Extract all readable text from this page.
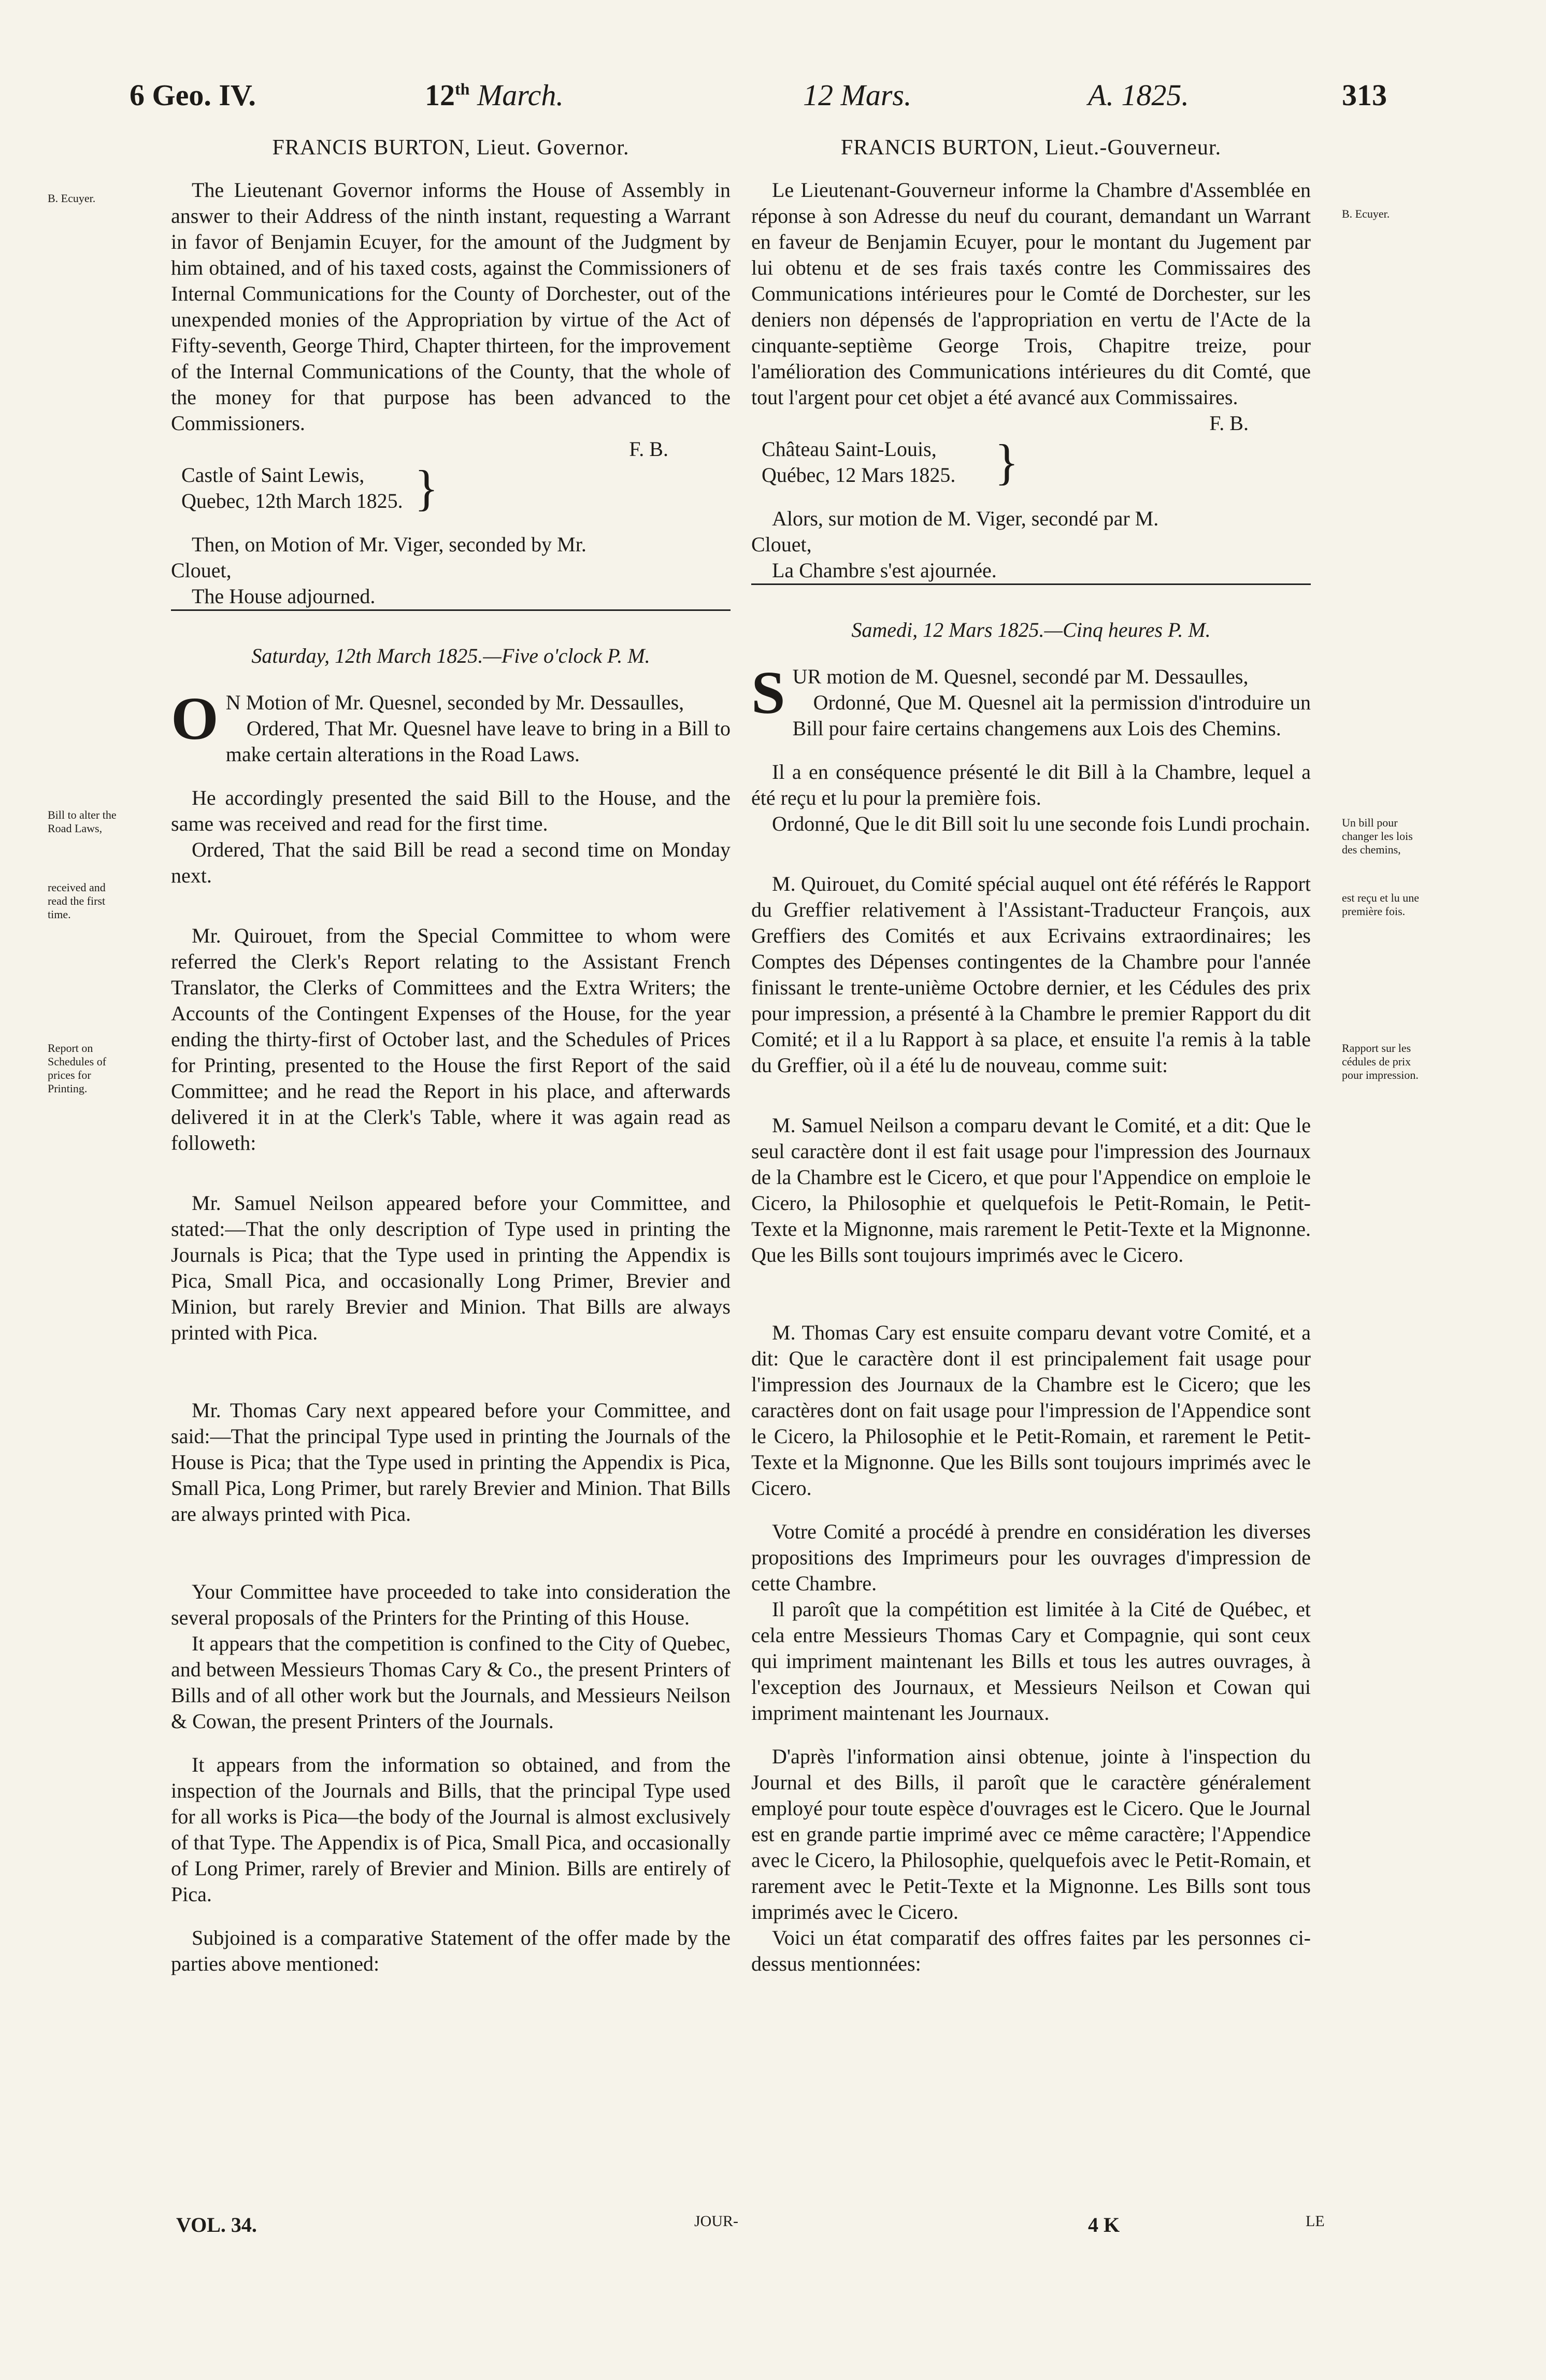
6 Geo. IV.	12th March.	12 Mars.	A. 1825.	313
FRANCIS BURTON, Lieut. Governor.

The Lieutenant Governor informs the House of Assembly in answer to their Address of the ninth instant, requesting a Warrant in favor of Benjamin Ecuyer, for the amount of the Judgment by him obtained, and of his taxed costs, against the Commissioners of Internal Communications for the County of Dorchester, out of the unexpended monies of the Appropriation by virtue of the Act of Fifty-seventh, George Third, Chapter thirteen, for the improvement of the Internal Communications of the County, that the whole of the money for that purpose has been advanced to the Commissioners.

F. B.
Castle of Saint Lewis,
Quebec, 12th March 1825. }

Then, on Motion of Mr. Viger, seconded by Mr.

Clouet,
The House adjourned.
Saturday, 12th March 1825.—Five o'clock P. M.

O N Motion of Mr. Quesnel, seconded by Mr. Dessaulles,

Ordered, That Mr. Quesnel have leave to bring in a Bill to make certain alterations in the Road Laws.

He accordingly presented the said Bill to the House, and the same was received and read for the first time.

Ordered, That the said Bill be read a second time on Monday next.

Mr. Quirouet, from the Special Committee to whom were referred the Clerk's Report relating to the Assistant French Translator, the Clerks of Committees and the Extra Writers; the Accounts of the Contingent Expenses of the House, for the year ending the thirty-first of October last, and the Schedules of Prices for Printing, presented to the House the first Report of the said Committee; and he read the Report in his place, and afterwards delivered it in at the Clerk's Table, where it was again read as followeth:

Mr. Samuel Neilson appeared before your Committee, and stated:—That the only description of Type used in printing the Journals is Pica; that the Type used in printing the Appendix is Pica, Small Pica, and occasionally Long Primer, Brevier and Minion, but rarely Brevier and Minion. That Bills are always printed with Pica.

Mr. Thomas Cary next appeared before your Committee, and said:—That the principal Type used in printing the Journals of the House is Pica; that the Type used in printing the Appendix is Pica, Small Pica, Long Primer, but rarely Brevier and Minion. That Bills are always printed with Pica.

Your Committee have proceeded to take into consideration the several proposals of the Printers for the Printing of this House.

It appears that the competition is confined to the City of Quebec, and between Messieurs Thomas Cary & Co., the present Printers of Bills and of all other work but the Journals, and Messieurs Neilson & Cowan, the present Printers of the Journals.

It appears from the information so obtained, and from the inspection of the Journals and Bills, that the principal Type used for all works is Pica—the body of the Journal is almost exclusively of that Type. The Appendix is of Pica, Small Pica, and occasionally of Long Primer, rarely of Brevier and Minion. Bills are entirely of Pica.

Subjoined is a comparative Statement of the offer made by the parties above mentioned:

FRANCIS BURTON, Lieut.-Gouverneur.

Le Lieutenant-Gouverneur informe la Chambre d'Assemblée en réponse à son Adresse du neuf du courant, demandant un Warrant en faveur de Benjamin Ecuyer, pour le montant du Jugement par lui obtenu et de ses frais taxés contre les Commissaires des Communications intérieures pour le Comté de Dorchester, sur les deniers non dépensés de l'appropriation en vertu de l'Acte de la cinquante-septième George Trois, Chapitre treize, pour l'amélioration des Communications intérieures du dit Comté, que tout l'argent pour cet objet a été avancé aux Commissaires.

F. B.
Château Saint-Louis,
Québec, 12 Mars 1825. }

Alors, sur motion de M. Viger, secondé par M.

Clouet,
La Chambre s'est ajournée.
Samedi, 12 Mars 1825.—Cinq heures P. M.

SUR motion de M. Quesnel, secondé par M. Dessaulles,

Ordonné, Que M. Quesnel ait la permission d'introduire un Bill pour faire certains changemens aux Lois des Chemins.

Il a en conséquence présenté le dit Bill à la Chambre, lequel a été reçu et lu pour la première fois.

Ordonné, Que le dit Bill soit lu une seconde fois Lundi prochain.

M. Quirouet, du Comité spécial auquel ont été référés le Rapport du Greffier relativement à l'Assistant-Traducteur François, aux Greffiers des Comités et aux Ecrivains extraordinaires; les Comptes des Dépenses contingentes de la Chambre pour l'année finissant le trente-unième Octobre dernier, et les Cédules des prix pour impression, a présenté à la Chambre le premier Rapport du dit Comité; et il a lu Rapport à sa place, et ensuite l'a remis à la table du Greffier, où il a été lu de nouveau, comme suit:

M. Samuel Neilson a comparu devant le Comité, et a dit: Que le seul caractère dont il est fait usage pour l'impression des Journaux de la Chambre est le Cicero, et que pour l'Appendice on emploie le Cicero, la Philosophie et quelquefois le Petit-Romain, le Petit-Texte et la Mignonne, mais rarement le Petit-Texte et la Mignonne. Que les Bills sont toujours imprimés avec le Cicero.

M. Thomas Cary est ensuite comparu devant votre Comité, et a dit: Que le caractère dont il est principalement fait usage pour l'impression des Journaux de la Chambre est le Cicero; que les caractères dont on fait usage pour l'impression de l'Appendice sont le Cicero, la Philosophie et le Petit-Romain, et rarement le Petit-Texte et la Mignonne. Que les Bills sont toujours imprimés avec le Cicero.

Votre Comité a procédé à prendre en considération les diverses propositions des Imprimeurs pour les ouvrages d'impression de cette Chambre.

Il paroît que la compétition est limitée à la Cité de Québec, et cela entre Messieurs Thomas Cary et Compagnie, qui sont ceux qui impriment maintenant les Bills et tous les autres ouvrages, à l'exception des Journaux, et Messieurs Neilson et Cowan qui impriment maintenant les Journaux.

D'après l'information ainsi obtenue, jointe à l'inspection du Journal et des Bills, il paroît que le caractère généralement employé pour toute espèce d'ouvrages est le Cicero. Que le Journal est en grande partie imprimé avec ce même caractère; l'Appendice avec le Cicero, la Philosophie, quelquefois avec le Petit-Romain, et rarement avec le Petit-Texte et la Mignonne. Les Bills sont tous imprimés avec le Cicero.

Voici un état comparatif des offres faites par les personnes ci-dessus mentionnées:

B. Ecuyer.
Bill to alter the Road Laws,
received and read the first time.
Report on Schedules of prices for Printing.
B. Ecuyer.
Un bill pour changer les lois des chemins,
est reçu et lu une première fois.
Rapport sur les cédules de prix pour impression.
VOL. 34.	JOUR-	4 K	LE
